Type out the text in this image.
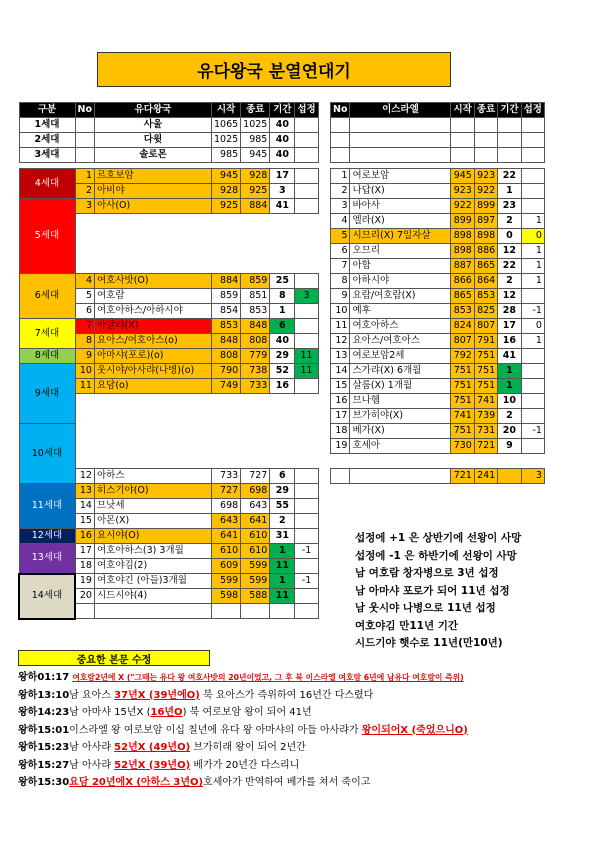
유다왕국 분열연대기
구분	No	유다왕국	시작	종료	기간	섭정
1세대		사울	1065	1025	40	
2세대		다윗	1025	985	40	
3세대		솔로몬	985	945	40	

4세대	1	르호보암	945	928	17	
	2	아비야	928	925	3	
5세대	3	아사(O)	925	884	41	

6세대	4	여호사밧(O)	884	859	25	
	5	여호람	859	851	8	3
	6	여호아하스/아하시야	854	853	1	
7세대	7	아달랴(X)	853	848	6	
	8	요아스/여호아스(o)	848	808	40	
8세대	9	아마샤(포로)(o)	808	779	29	11
9세대	10	웃시야/아사랴(나병)(o)	790	738	52	11
	11	요담(o)	749	733	16	

10세대						

	12	아하스	733	727	6	
11세대	13	히스기야(O)	727	698	29	
	14	므낫세	698	643	55	
	15	아몬(X)	643	641	2	
12세대	16	요시야(O)	641	610	31	
13세대	17	여호아하스(3) 3개월	610	610	1	-1
	18	여호야김(2)	609	599	11	
14세대	19	여호야긴 (아들)3개월	599	599	1	-1
	20	시드시야(4)	598	588	11	

No	이스라엘	시작	종료	기간	섭정

1	여로보암	945	923	22	
2	나답(X)	923	922	1	
3	바아사	922	899	23	
4	엘라(X)	899	897	2	1
5	시므리(X) 7일자살	898	898	0	0
6	오므리	898	886	12	1
7	아합	887	865	22	1
8	아하시야	866	864	2	1
9	요람/여호람(X)	865	853	12	
10	예후	853	825	28	-1
11	여호아하스	824	807	17	0
12	요아스/여호아스	807	791	16	1
13	여로보암2세	792	751	41	
14	스가랴(X) 6개월	751	751	1	
15	살룸(X) 1개월	751	751	1	
16	므나헴	751	741	10	
17	브가히야(X)	741	739	2	
18	베가(X)	751	731	20	-1
19	호세아	730	721	9	

		721	241		3
섭정에 +1 은 상반기에 선왕이 사망
섭정에 -1 은 하반기에 선왕이 사망
남 여호람 창자병으로 3년 섭정
남 아마샤 포로가 되어 11년 섭정
남 웃시야 나병으로 11년 섭정
여호야김 만11년 기간
시드기야 햇수로 11년(만10년)
중요한 본문 수정
왕하01:17 여호람2년에 X ("그때는 유다 왕 여호사밧의 20년이었고, 그 후 북 이스라엘 여호람 6년에 남유다 여호람이 즉위)
왕하13:10남 요아스 37년X (39년에O) 북 요아스가 즉위하여 16년간 다스렸다
왕하14:23남 아마샤 15년X (16년O) 북 여로보암 왕이 되어 41년
왕하15:01이스라엘 왕 여로보암 이십 칠년에 유다 왕 아마샤의 아들 아사랴가 왕이되어X (죽었으니O)
왕하15:23남 아사랴 52년X (49년O) 브가히래 왕이 되어 2년간
왕하15:27남 아사랴 52년X (39년O) 베가가 20년간 다스리니
왕하15:30요담 20년에X (아하스 3년O)호세아가 반역하여 베가를 쳐서 죽이고
